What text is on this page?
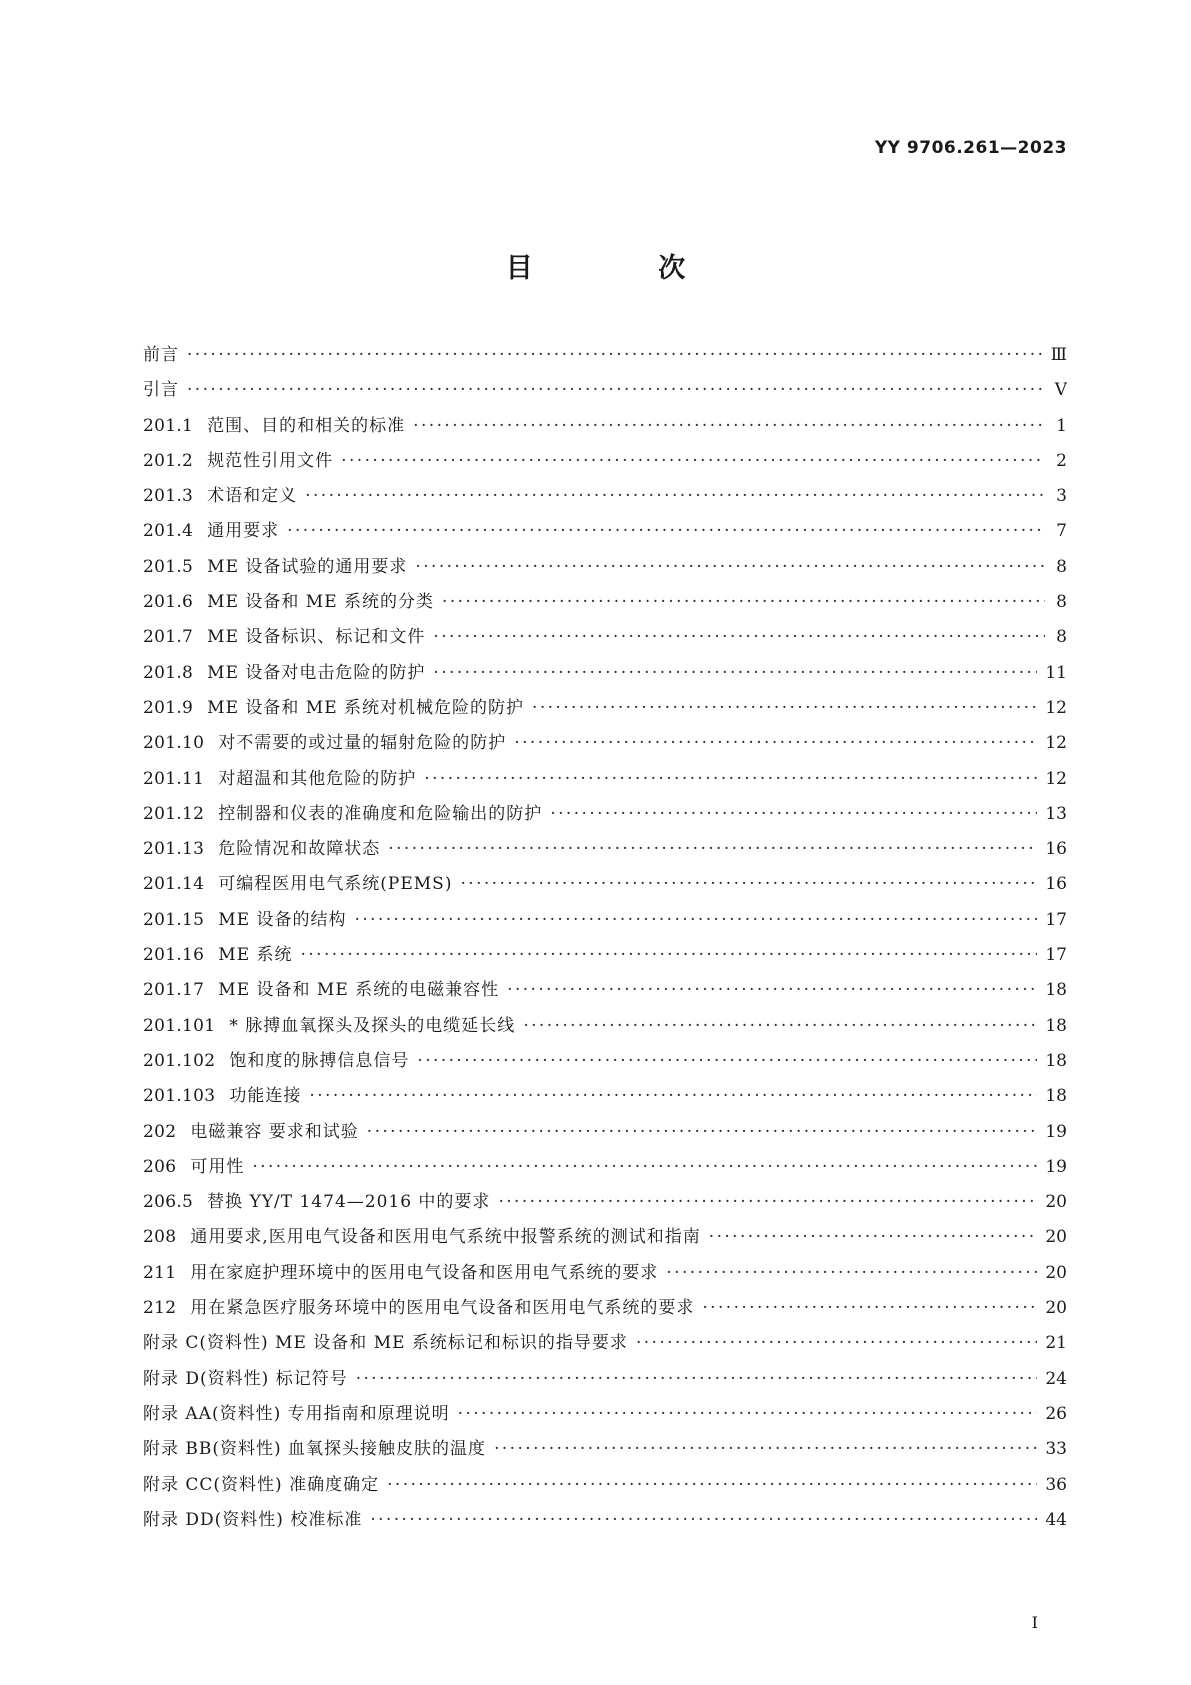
YY 9706.261—2023
目 次
前言 ·····	Ⅲ
引言 ·····	Ⅴ
201.1 范围、目的和相关的标准 ·····	1
201.2 规范性引用文件 ·····	2
201.3 术语和定义 ·····	3
201.4 通用要求 ·····	7
201.5 ME 设备试验的通用要求 ·····	8
201.6 ME 设备和 ME 系统的分类 ·····	8
201.7 ME 设备标识、标记和文件 ·····	8
201.8 ME 设备对电击危险的防护 ·····	11
201.9 ME 设备和 ME 系统对机械危险的防护 ·····	12
201.10 对不需要的或过量的辐射危险的防护 ·····	12
201.11 对超温和其他危险的防护 ·····	12
201.12 控制器和仪表的准确度和危险输出的防护 ·····	13
201.13 危险情况和故障状态 ·····	16
201.14 可编程医用电气系统(PEMS) ·····	16
201.15 ME 设备的结构 ·····	17
201.16 ME 系统 ·····	17
201.17 ME 设备和 ME 系统的电磁兼容性 ·····	18
201.101 * 脉搏血氧探头及探头的电缆延长线 ·····	18
201.102 饱和度的脉搏信息信号 ·····	18
201.103 功能连接 ·····	18
202 电磁兼容 要求和试验 ·····	19
206 可用性 ·····	19
206.5 替换 YY/T 1474—2016 中的要求 ·····	20
208 通用要求,医用电气设备和医用电气系统中报警系统的测试和指南 ·····	20
211 用在家庭护理环境中的医用电气设备和医用电气系统的要求 ·····	20
212 用在紧急医疗服务环境中的医用电气设备和医用电气系统的要求 ·····	20
附录 C(资料性) ME 设备和 ME 系统标记和标识的指导要求 ·····	21
附录 D(资料性) 标记符号 ·····	24
附录 AA(资料性) 专用指南和原理说明 ·····	26
附录 BB(资料性) 血氧探头接触皮肤的温度 ·····	33
附录 CC(资料性) 准确度确定 ·····	36
附录 DD(资料性) 校准标准 ·····	44
Ⅰ
